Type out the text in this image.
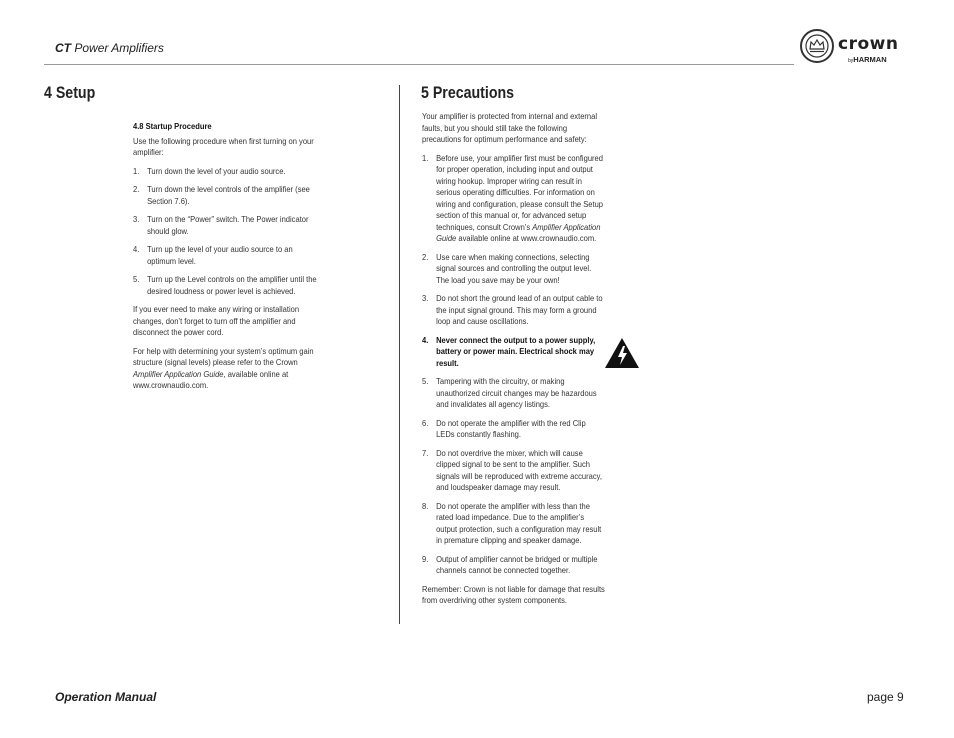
CT Power Amplifiers	crown
byHARMAN
4 Setup	5 Precautions
4.8 Startup Procedure

Use the following procedure when first turning on your amplifier:

1. Turn down the level of your audio source.
2. Turn down the level controls of the amplifier (see Section 7.6).
3. Turn on the “Power” switch. The Power indicator should glow.
4. Turn up the level of your audio source to an optimum level.
5. Turn up the Level controls on the amplifier until the desired loudness or power level is achieved.

If you ever need to make any wiring or installation changes, don’t forget to turn off the amplifier and disconnect the power cord.

For help with determining your system’s optimum gain structure (signal levels) please refer to the Crown Amplifier Application Guide, available online at www.crownaudio.com.

Your amplifier is protected from internal and external faults, but you should still take the following precautions for optimum performance and safety:

1. Before use, your amplifier first must be configured for proper operation, including input and output wiring hookup. Improper wiring can result in serious operating difficulties. For information on wiring and configuration, please consult the Setup section of this manual or, for advanced setup techniques, consult Crown’s Amplifier Application Guide available online at www.crownaudio.com.
2. Use care when making connections, selecting signal sources and controlling the output level. The load you save may be your own!
3. Do not short the ground lead of an output cable to the input signal ground. This may form a ground loop and cause oscillations.
4. Never connect the output to a power supply, battery or power main. Electrical shock may result.
5. Tampering with the circuitry, or making unauthorized circuit changes may be hazardous and invalidates all agency listings.
6. Do not operate the amplifier with the red Clip LEDs constantly flashing.
7. Do not overdrive the mixer, which will cause clipped signal to be sent to the amplifier. Such signals will be reproduced with extreme accuracy, and loudspeaker damage may result.
8. Do not operate the amplifier with less than the rated load impedance. Due to the amplifier’s output protection, such a configuration may result in premature clipping and speaker damage.
9. Output of amplifier cannot be bridged or multiple channels cannot be connected together.

Remember: Crown is not liable for damage that results from overdriving other system components.

Operation Manual	page 9
